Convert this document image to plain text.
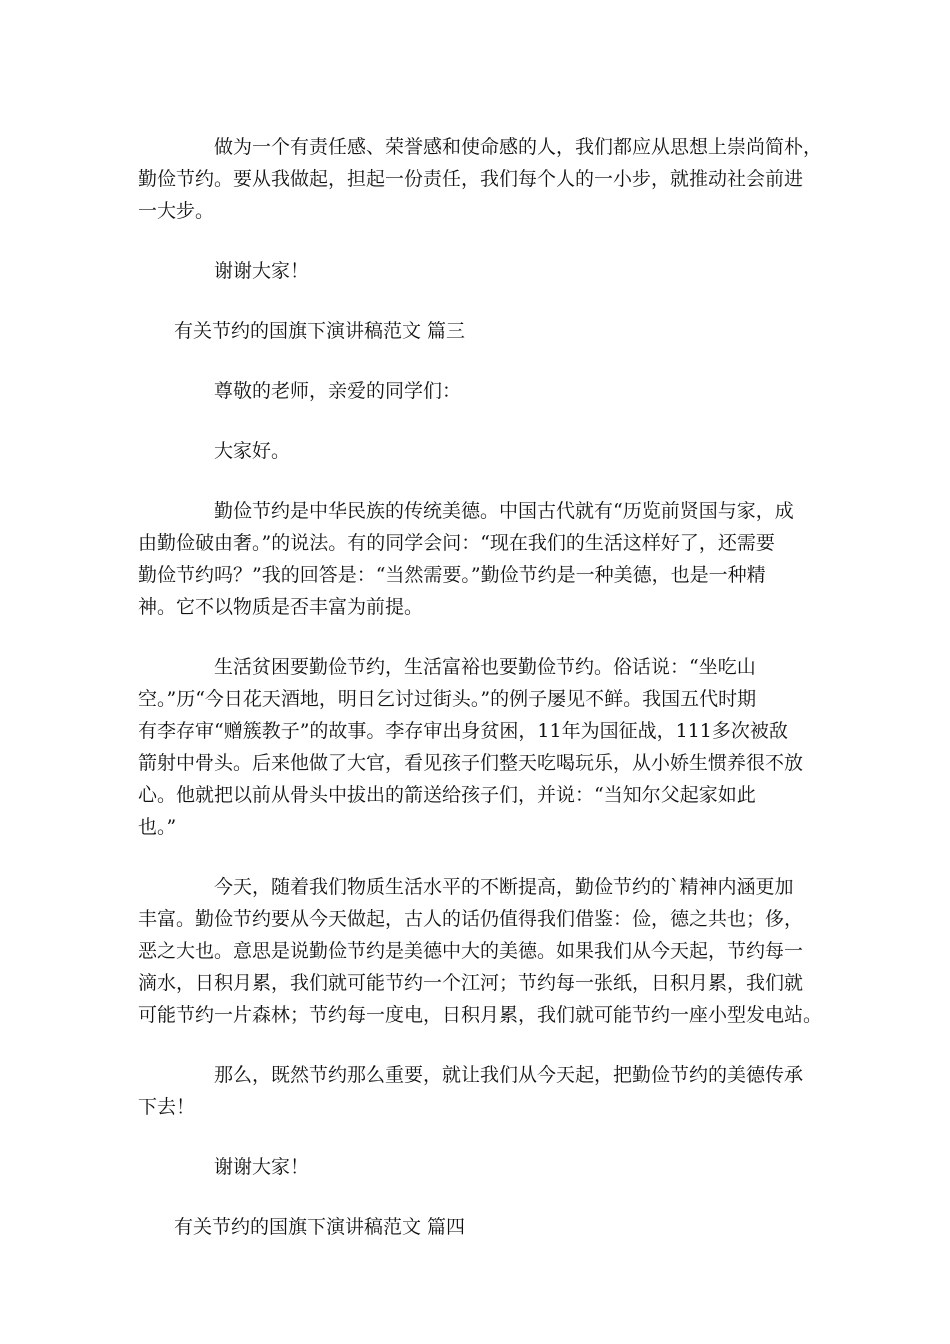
做为一个有责任感、荣誉感和使命感的人，我们都应从思想上崇尚简朴，
勤俭节约。要从我做起，担起一份责任，我们每个人的一小步，就推动社会前进
一大步。

谢谢大家！

有关节约的国旗下演讲稿范文 篇三

尊敬的老师，亲爱的同学们：

大家好。

勤俭节约是中华民族的传统美德。中国古代就有“历览前贤国与家，成
由勤俭破由奢。”的说法。有的同学会问：“现在我们的生活这样好了，还需要
勤俭节约吗？”我的回答是：“当然需要。”勤俭节约是一种美德，也是一种精
神。它不以物质是否丰富为前提。

生活贫困要勤俭节约，生活富裕也要勤俭节约。俗话说：“坐吃山
空。”历“今日花天酒地，明日乞讨过街头。”的例子屡见不鲜。我国五代时期
有李存审“赠簇教子”的故事。李存审出身贫困，11年为国征战，111多次被敌
箭射中骨头。后来他做了大官，看见孩子们整天吃喝玩乐，从小娇生惯养很不放
心。他就把以前从骨头中拔出的箭送给孩子们，并说：“当知尔父起家如此
也。”

今天，随着我们物质生活水平的不断提高，勤俭节约的`精神内涵更加
丰富。勤俭节约要从今天做起，古人的话仍值得我们借鉴：俭，德之共也；侈，
恶之大也。意思是说勤俭节约是美德中大的美德。如果我们从今天起，节约每一
滴水，日积月累，我们就可能节约一个江河；节约每一张纸，日积月累，我们就
可能节约一片森林；节约每一度电，日积月累，我们就可能节约一座小型发电站。

那么，既然节约那么重要，就让我们从今天起，把勤俭节约的美德传承
下去！

谢谢大家！

有关节约的国旗下演讲稿范文 篇四
